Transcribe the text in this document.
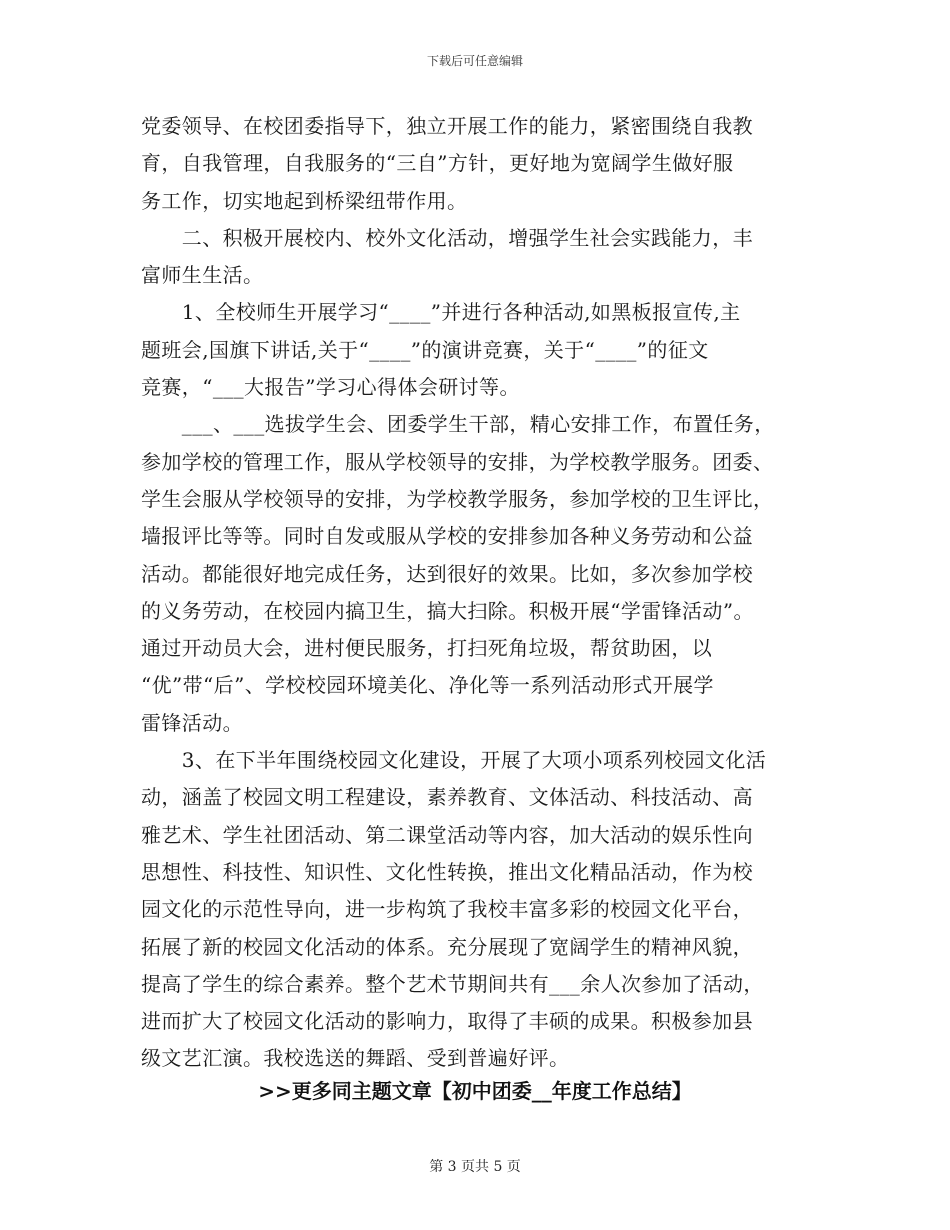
下载后可任意编辑

党委领导、在校团委指导下，独立开展工作的能力，紧密围绕自我教
育，自我管理，自我服务的“三自”方针，更好地为宽阔学生做好服
务工作，切实地起到桥梁纽带作用。

　　二、积极开展校内、校外文化活动，增强学生社会实践能力，丰
富师生生活。

　　1、全校师生开展学习“____”并进行各种活动,如黑板报宣传,主
题班会,国旗下讲话,关于“____”的演讲竞赛，关于“____”的征文
竞赛，“___大报告”学习心得体会研讨等。

　　___、___选拔学生会、团委学生干部，精心安排工作，布置任务，
参加学校的管理工作，服从学校领导的安排，为学校教学服务。团委、
学生会服从学校领导的安排，为学校教学服务，参加学校的卫生评比，
墙报评比等等。同时自发或服从学校的安排参加各种义务劳动和公益
活动。都能很好地完成任务，达到很好的效果。比如，多次参加学校
的义务劳动，在校园内搞卫生，搞大扫除。积极开展“学雷锋活动”。
通过开动员大会，进村便民服务，打扫死角垃圾，帮贫助困，以
“优”带“后”、学校校园环境美化、净化等一系列活动形式开展学
雷锋活动。

　　3、在下半年围绕校园文化建设，开展了大项小项系列校园文化活
动，涵盖了校园文明工程建设，素养教育、文体活动、科技活动、高
雅艺术、学生社团活动、第二课堂活动等内容，加大活动的娱乐性向
思想性、科技性、知识性、文化性转换，推出文化精品活动，作为校
园文化的示范性导向，进一步构筑了我校丰富多彩的校园文化平台，
拓展了新的校园文化活动的体系。充分展现了宽阔学生的精神风貌，
提高了学生的综合素养。整个艺术节期间共有___余人次参加了活动，
进而扩大了校园文化活动的影响力，取得了丰硕的成果。积极参加县
级文艺汇演。我校选送的舞蹈、受到普遍好评。

>>更多同主题文章【初中团委__年度工作总结】
第 3 页共 5 页
